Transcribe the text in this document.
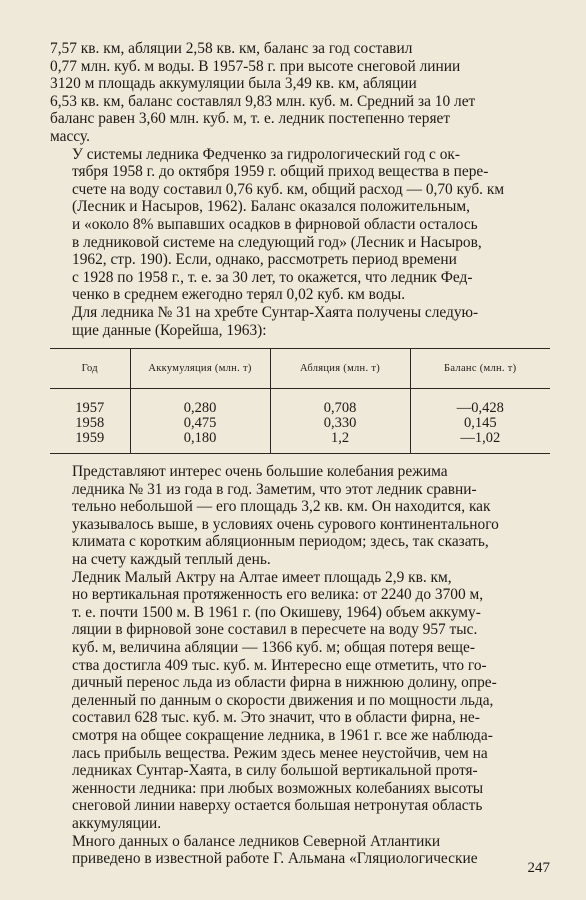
7,57 кв. км, абляции 2,58 кв. км, баланс за год составил
0,77 млн. куб. м воды. В 1957-58 г. при высоте снеговой линии
3120 м площадь аккумуляции была 3,49 кв. км, абляции
6,53 кв. км, баланс составлял 9,83 млн. куб. м. Средний за 10 лет
баланс равен 3,60 млн. куб. м, т. е. ледник постепенно теряет
массу.

У системы ледника Федченко за гидрологический год с ок-
тября 1958 г. до октября 1959 г. общий приход вещества в пере-
счете на воду составил 0,76 куб. км, общий расход — 0,70 куб. км
(Лесник и Насыров, 1962). Баланс оказался положительным,
и «около 8% выпавших осадков в фирновой области осталось
в ледниковой системе на следующий год» (Лесник и Насыров,
1962, стр. 190). Если, однако, рассмотреть период времени
с 1928 по 1958 г., т. е. за 30 лет, то окажется, что ледник Фед-
ченко в среднем ежегодно терял 0,02 куб. км воды.

Для ледника № 31 на хребте Сунтар-Хаята получены следую-
щие данные (Корейша, 1963):

Год	Аккумуляция (млн. т)	Абляция (млн. т)	Баланс (млн. т)
1957	0,280	0,708	—0,428
1958	0,475	0,330	0,145
1959	0,180	1,2	—1,02

Представляют интерес очень большие колебания режима
ледника № 31 из года в год. Заметим, что этот ледник сравни-
тельно небольшой — его площадь 3,2 кв. км. Он находится, как
указывалось выше, в условиях очень сурового континентального
климата с коротким абляционным периодом; здесь, так сказать,
на счету каждый теплый день.

Ледник Малый Актру на Алтае имеет площадь 2,9 кв. км,
но вертикальная протяженность его велика: от 2240 до 3700 м,
т. е. почти 1500 м. В 1961 г. (по Окишеву, 1964) объем аккуму-
ляции в фирновой зоне составил в пересчете на воду 957 тыс.
куб. м, величина абляции — 1366 куб. м; общая потеря веще-
ства достигла 409 тыс. куб. м. Интересно еще отметить, что го-
дичный перенос льда из области фирна в нижнюю долину, опре-
деленный по данным о скорости движения и по мощности льда,
составил 628 тыс. куб. м. Это значит, что в области фирна, не-
смотря на общее сокращение ледника, в 1961 г. все же наблюда-
лась прибыль вещества. Режим здесь менее неустойчив, чем на
ледниках Сунтар-Хаята, в силу большой вертикальной протя-
женности ледника: при любых возможных колебаниях высоты
снеговой линии наверху остается большая нетронутая область
аккумуляции.

Много данных о балансе ледников Северной Атлантики
приведено в известной работе Г. Альмана «Гляциологические

247
